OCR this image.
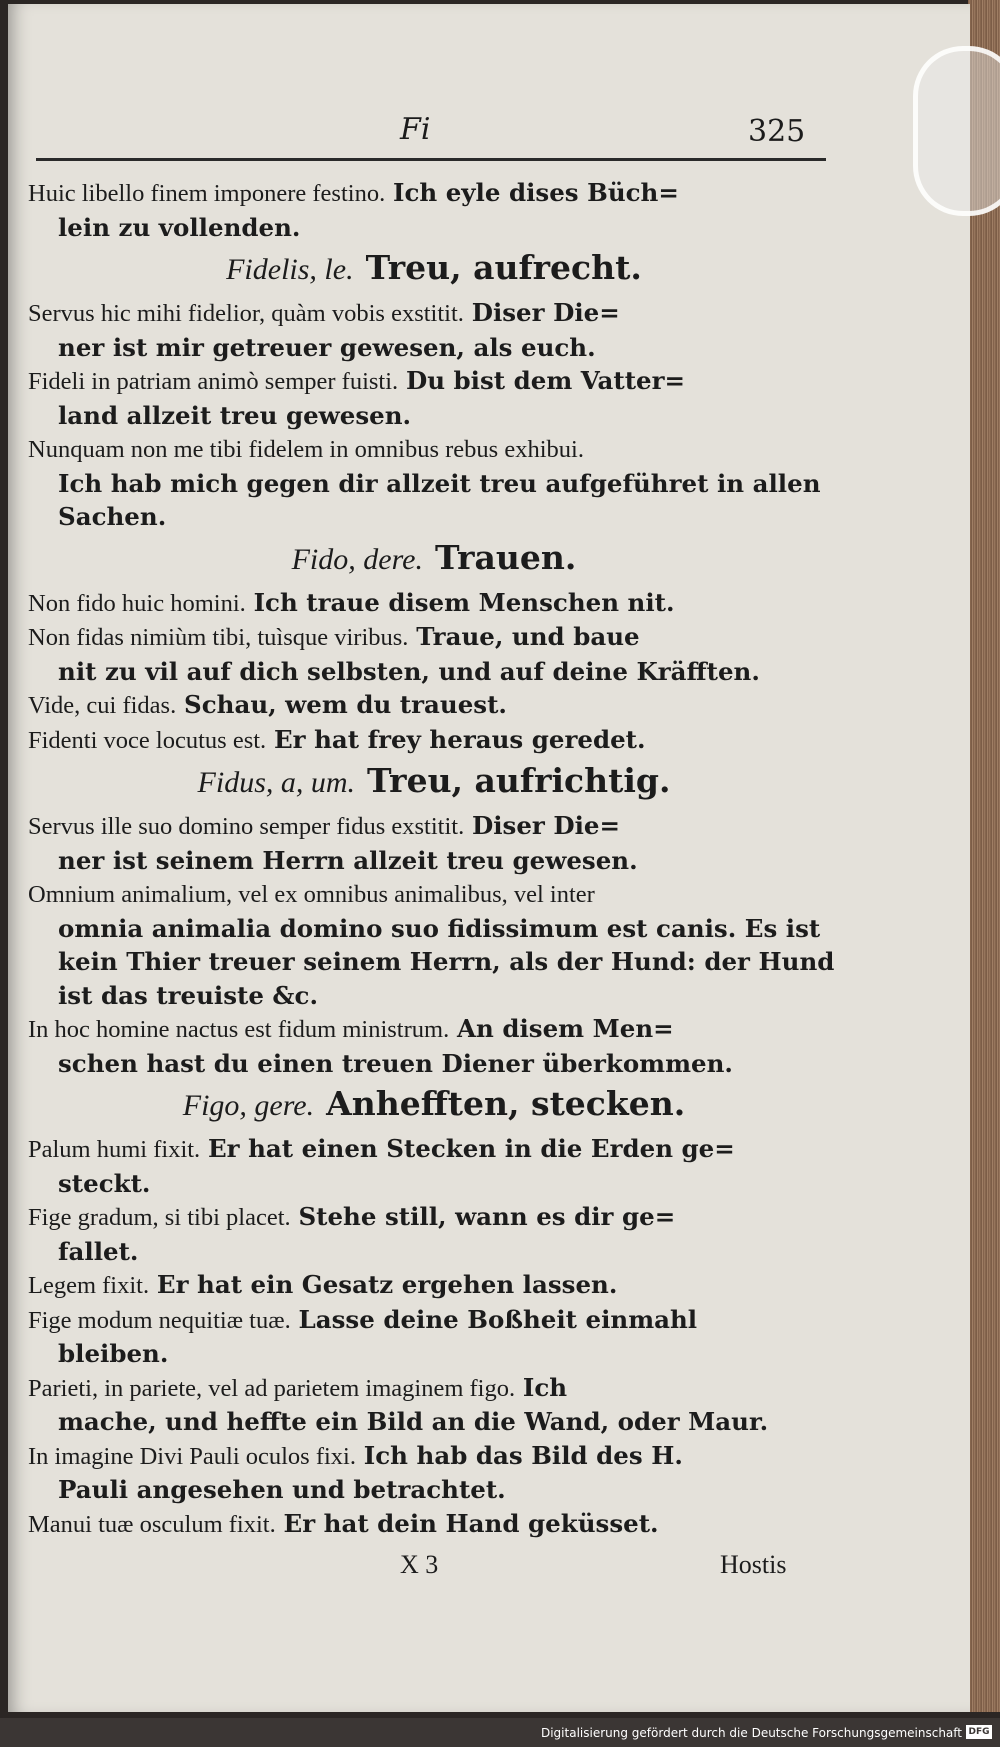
Fi	325

Huic libello finem imponere festino. Ich eyle dises Büch=
lein zu vollenden.

Fidelis, le. Treu, aufrecht.

Servus hic mihi fidelior, quàm vobis exstitit. Diser Die=
ner ist mir getreuer gewesen, als euch.

Fideli in patriam animò semper fuisti. Du bist dem Vatter=
land allzeit treu gewesen.

Nunquam non me tibi fidelem in omnibus rebus exhibui.
Ich hab mich gegen dir allzeit treu aufgeführet in allen Sachen.

Fido, dere. Trauen.

Non fido huic homini. Ich traue disem Menschen nit.

Non fidas nimiùm tibi, tuìsque viribus. Traue, und baue
nit zu vil auf dich selbsten, und auf deine Kräfften.

Vide, cui fidas. Schau, wem du trauest.

Fidenti voce locutus est. Er hat frey heraus geredet.

Fidus, a, um. Treu, aufrichtig.

Servus ille suo domino semper fidus exstitit. Diser Die=
ner ist seinem Herrn allzeit treu gewesen.

Omnium animalium, vel ex omnibus animalibus, vel inter
omnia animalia domino suo fidissimum est canis. Es ist kein Thier treuer seinem Herrn, als der Hund: der Hund ist das treuiste &c.

In hoc homine nactus est fidum ministrum. An disem Men=
schen hast du einen treuen Diener überkommen.

Figo, gere. Anhefften, stecken.

Palum humi fixit. Er hat einen Stecken in die Erden ge=
steckt.

Fige gradum, si tibi placet. Stehe still, wann es dir ge=
fallet.

Legem fixit. Er hat ein Gesatz ergehen lassen.

Fige modum nequitiæ tuæ. Lasse deine Boßheit einmahl
bleiben.

Parieti, in pariete, vel ad parietem imaginem figo. Ich
mache, und heffte ein Bild an die Wand, oder Maur.

In imagine Divi Pauli oculos fixi. Ich hab das Bild des H.
Pauli angesehen und betrachtet.

Manui tuæ osculum fixit. Er hat dein Hand geküsset.

X 3	Hostis
Digitalisierung gefördert durch die Deutsche Forschungsgemeinschaft DFG
